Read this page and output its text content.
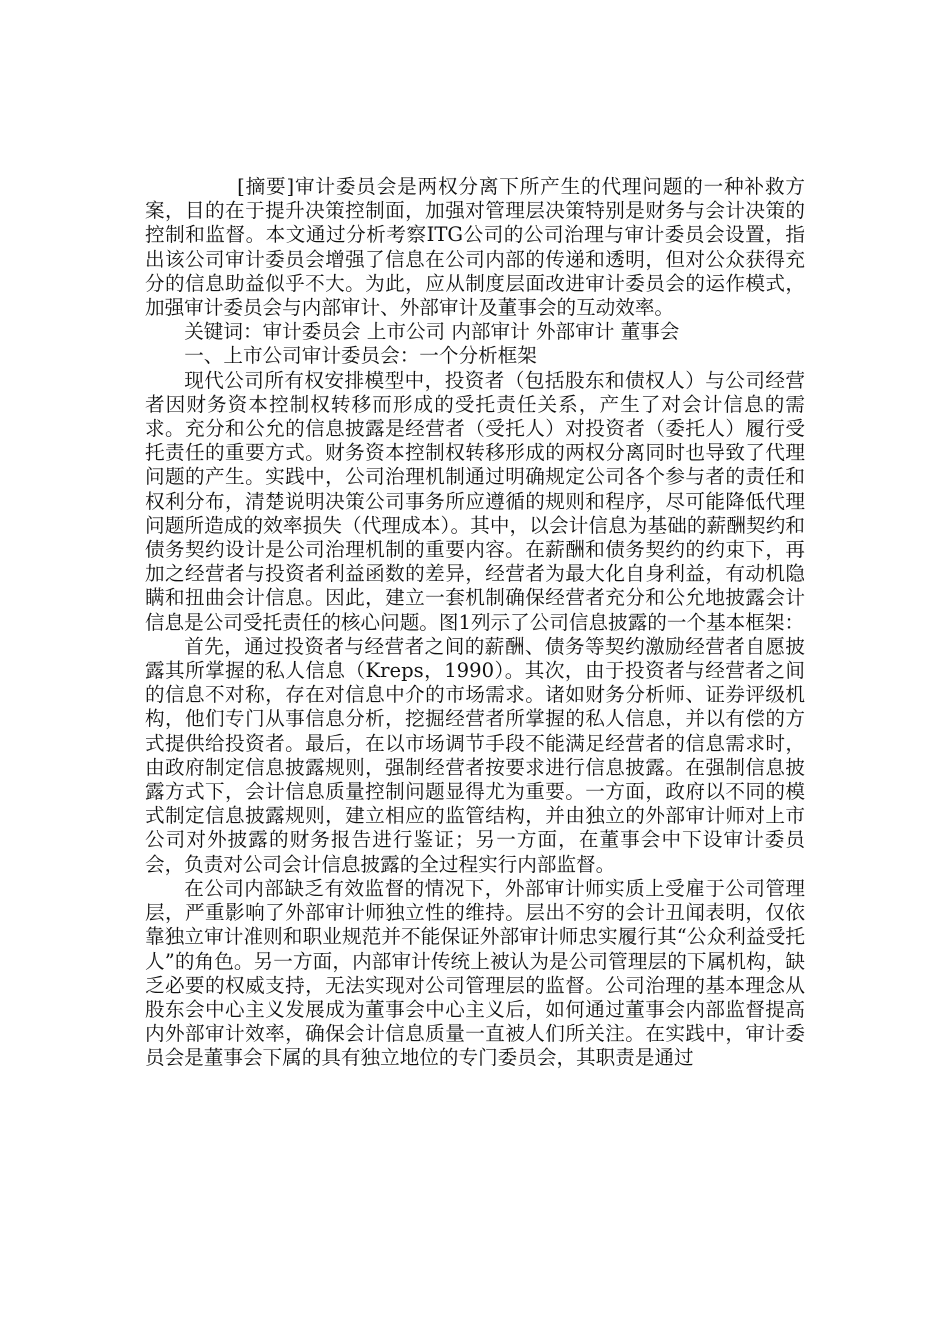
[摘要]审计委员会是两权分离下所产生的代理问题的一种补救方案，目的在于提升决策控制面，加强对管理层决策特别是财务与会计决策的控制和监督。本文通过分析考察ITG公司的公司治理与审计委员会设置，指出该公司审计委员会增强了信息在公司内部的传递和透明，但对公众获得充分的信息助益似乎不大。为此，应从制度层面改进审计委员会的运作模式，加强审计委员会与内部审计、外部审计及董事会的互动效率。

关键词：审计委员会 上市公司 内部审计 外部审计 董事会

一、上市公司审计委员会：一个分析框架

现代公司所有权安排模型中，投资者（包括股东和债权人）与公司经营者因财务资本控制权转移而形成的受托责任关系，产生了对会计信息的需求。充分和公允的信息披露是经营者（受托人）对投资者（委托人）履行受托责任的重要方式。财务资本控制权转移形成的两权分离同时也导致了代理问题的产生。实践中，公司治理机制通过明确规定公司各个参与者的责任和权利分布，清楚说明决策公司事务所应遵循的规则和程序，尽可能降低代理问题所造成的效率损失（代理成本）。其中，以会计信息为基础的薪酬契约和债务契约设计是公司治理机制的重要内容。在薪酬和债务契约的约束下，再加之经营者与投资者利益函数的差异，经营者为最大化自身利益，有动机隐瞒和扭曲会计信息。因此，建立一套机制确保经营者充分和公允地披露会计信息是公司受托责任的核心问题。图1列示了公司信息披露的一个基本框架：

首先，通过投资者与经营者之间的薪酬、债务等契约激励经营者自愿披露其所掌握的私人信息（Kreps，1990）。其次，由于投资者与经营者之间的信息不对称，存在对信息中介的市场需求。诸如财务分析师、证券评级机构，他们专门从事信息分析，挖掘经营者所掌握的私人信息，并以有偿的方式提供给投资者。最后，在以市场调节手段不能满足经营者的信息需求时，由政府制定信息披露规则，强制经营者按要求进行信息披露。在强制信息披露方式下，会计信息质量控制问题显得尤为重要。一方面，政府以不同的模式制定信息披露规则，建立相应的监管结构，并由独立的外部审计师对上市公司对外披露的财务报告进行鉴证；另一方面，在董事会中下设审计委员会，负责对公司会计信息披露的全过程实行内部监督。

在公司内部缺乏有效监督的情况下，外部审计师实质上受雇于公司管理层，严重影响了外部审计师独立性的维持。层出不穷的会计丑闻表明，仅依靠独立审计准则和职业规范并不能保证外部审计师忠实履行其“公众利益受托人”的角色。另一方面，内部审计传统上被认为是公司管理层的下属机构，缺乏必要的权威支持，无法实现对公司管理层的监督。公司治理的基本理念从股东会中心主义发展成为董事会中心主义后，如何通过董事会内部监督提高内外部审计效率，确保会计信息质量一直被人们所关注。在实践中，审计委员会是董事会下属的具有独立地位的专门委员会，其职责是通过
